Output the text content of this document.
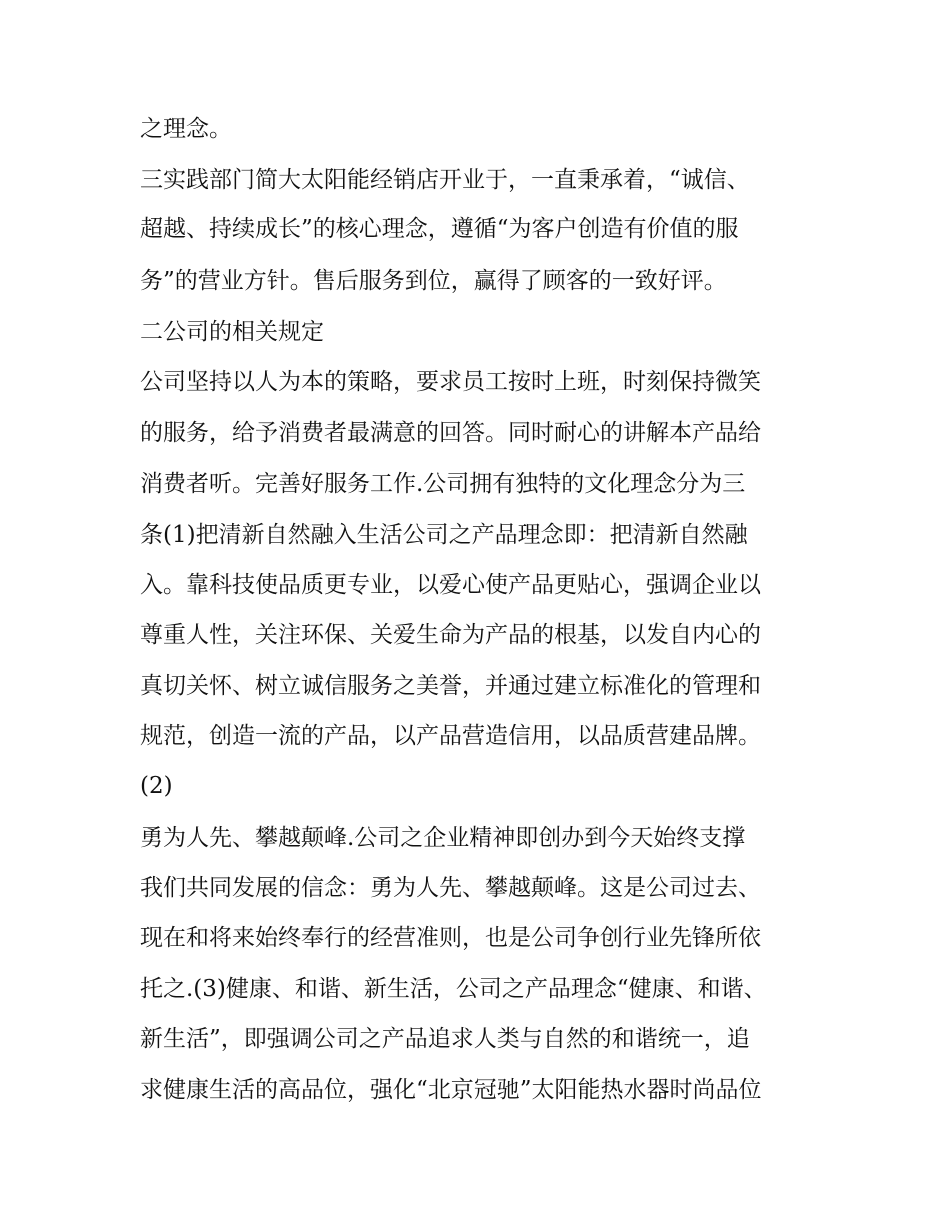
之理念。

三实践部门简大太阳能经销店开业于，一直秉承着，“诚信、

超越、持续成长”的核心理念，遵循“为客户创造有价值的服

务”的营业方针。售后服务到位，赢得了顾客的一致好评。

二公司的相关规定

公司坚持以人为本的策略，要求员工按时上班，时刻保持微笑

的服务，给予消费者最满意的回答。同时耐心的讲解本产品给

消费者听。完善好服务工作.公司拥有独特的文化理念分为三

条(1)把清新自然融入生活公司之产品理念即：把清新自然融

入。靠科技使品质更专业，以爱心使产品更贴心，强调企业以

尊重人性，关注环保、关爱生命为产品的根基，以发自内心的

真切关怀、树立诚信服务之美誉，并通过建立标准化的管理和

规范，创造一流的产品，以产品营造信用，以品质营建品牌。

(2)

勇为人先、攀越颠峰.公司之企业精神即创办到今天始终支撑

我们共同发展的信念：勇为人先、攀越颠峰。这是公司过去、

现在和将来始终奉行的经营准则，也是公司争创行业先锋所依

托之.(3)健康、和谐、新生活，公司之产品理念“健康、和谐、

新生活”，即强调公司之产品追求人类与自然的和谐统一，追

求健康生活的高品位，强化“北京冠驰”太阳能热水器时尚品位
